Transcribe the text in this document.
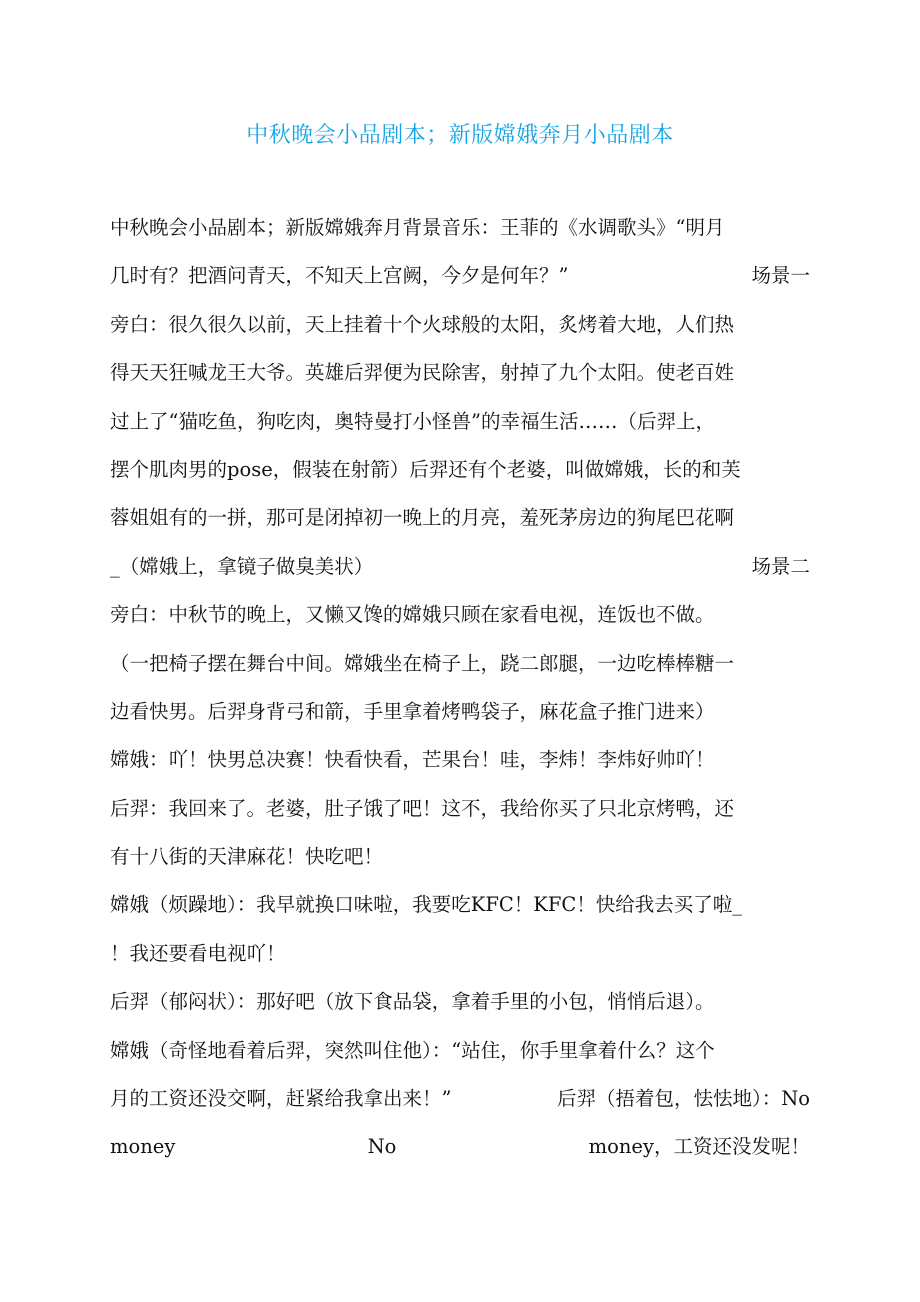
中秋晚会小品剧本；新版嫦娥奔月小品剧本
中秋晚会小品剧本；新版嫦娥奔月背景音乐：王菲的《水调歌头》“明月
几时有？把酒问青天，不知天上宫阙，今夕是何年？”	场景一
旁白：很久很久以前，天上挂着十个火球般的太阳，炙烤着大地，人们热
得天天狂喊龙王大爷。英雄后羿便为民除害，射掉了九个太阳。使老百姓
过上了“猫吃鱼，狗吃肉，奥特曼打小怪兽”的幸福生活……（后羿上，
摆个肌肉男的pose，假装在射箭）后羿还有个老婆，叫做嫦娥，长的和芙
蓉姐姐有的一拼，那可是闭掉初一晚上的月亮，羞死茅房边的狗尾巴花啊
_（嫦娥上，拿镜子做臭美状）	场景二
旁白：中秋节的晚上，又懒又馋的嫦娥只顾在家看电视，连饭也不做。
（一把椅子摆在舞台中间。嫦娥坐在椅子上，跷二郎腿，一边吃棒棒糖一
边看快男。后羿身背弓和箭，手里拿着烤鸭袋子，麻花盒子推门进来）
嫦娥：吖！快男总决赛！快看快看，芒果台！哇，李炜！李炜好帅吖！
后羿：我回来了。老婆，肚子饿了吧！这不，我给你买了只北京烤鸭，还
有十八街的天津麻花！快吃吧！
嫦娥（烦躁地）：我早就换口味啦，我要吃KFC！KFC！快给我去买了啦_
！我还要看电视吖！
后羿（郁闷状）：那好吧（放下食品袋，拿着手里的小包，悄悄后退）。
嫦娥（奇怪地看着后羿，突然叫住他）：“站住，你手里拿着什么？这个
月的工资还没交啊，赶紧给我拿出来！”	后羿（捂着包，怯怯地）：No
money	No	money，工资还没发呢！
